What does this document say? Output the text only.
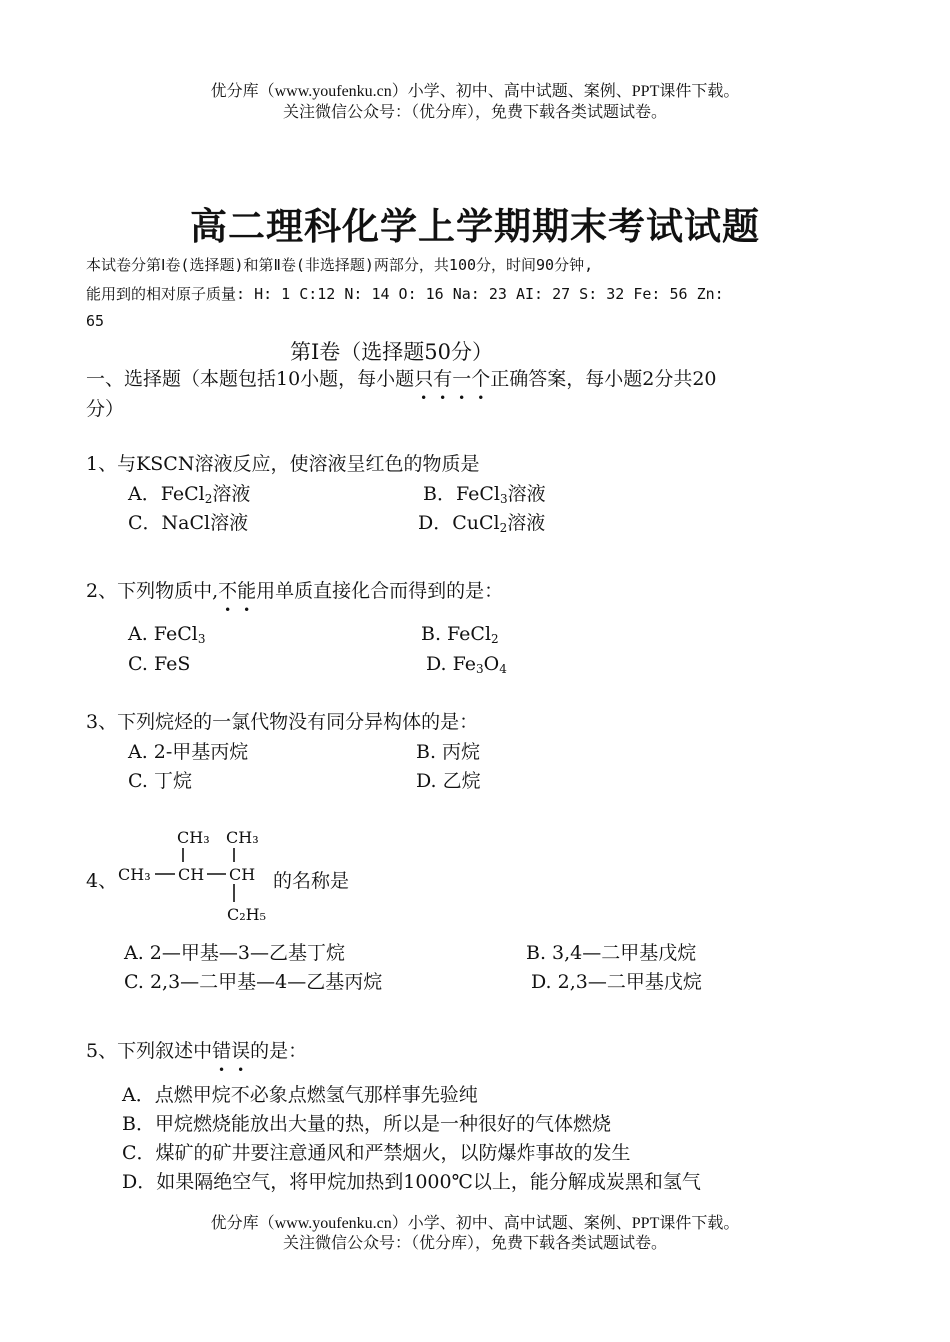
优分库（www.youfenku.cn）小学、初中、高中试题、案例、PPT课件下载。
关注微信公众号：（优分库），免费下载各类试题试卷。
高二理科化学上学期期末考试试题
本试卷分第Ⅰ卷(选择题)和第Ⅱ卷(非选择题)两部分，共100分，时间90分钟,
能用到的相对原子质量: H: 1 C:12 N: 14 O: 16 Na: 23 AI: 27 S: 32 Fe: 56 Zn:
65
第Ⅰ卷（选择题50分）
一、选择题（本题包括10小题，每小题只有一个正确答案，每小题2分共20
分）
1、与KSCN溶液反应，使溶液呈红色的物质是
A．FeCl$_2$溶液	B．FeCl$_3$溶液
C．NaCl溶液	D．CuCl$_2$溶液
2、下列物质中,不能用单质直接化合而得到的是：
A. FeCl$_3$	B. FeCl$_2$
C. FeS	D. $Fe_3O_4$
3、下列烷烃的一氯代物没有同分异构体的是：
A. 2-甲基丙烷	B. 丙烷
C. 丁烷	D. 乙烷
4、
CH₃ CH₃
CH₃ CH CH
C₂H₅
的名称是
A. 2—甲基—3—乙基丁烷	B. 3,4—二甲基戊烷
C. 2,3—二甲基—4—乙基丙烷	D. 2,3—二甲基戊烷
5、下列叙述中错误的是：
A．点燃甲烷不必象点燃氢气那样事先验纯
B．甲烷燃烧能放出大量的热，所以是一种很好的气体燃烧
C．煤矿的矿井要注意通风和严禁烟火，以防爆炸事故的发生
D．如果隔绝空气，将甲烷加热到1000℃以上，能分解成炭黑和氢气
优分库（www.youfenku.cn）小学、初中、高中试题、案例、PPT课件下载。
关注微信公众号：（优分库），免费下载各类试题试卷。
